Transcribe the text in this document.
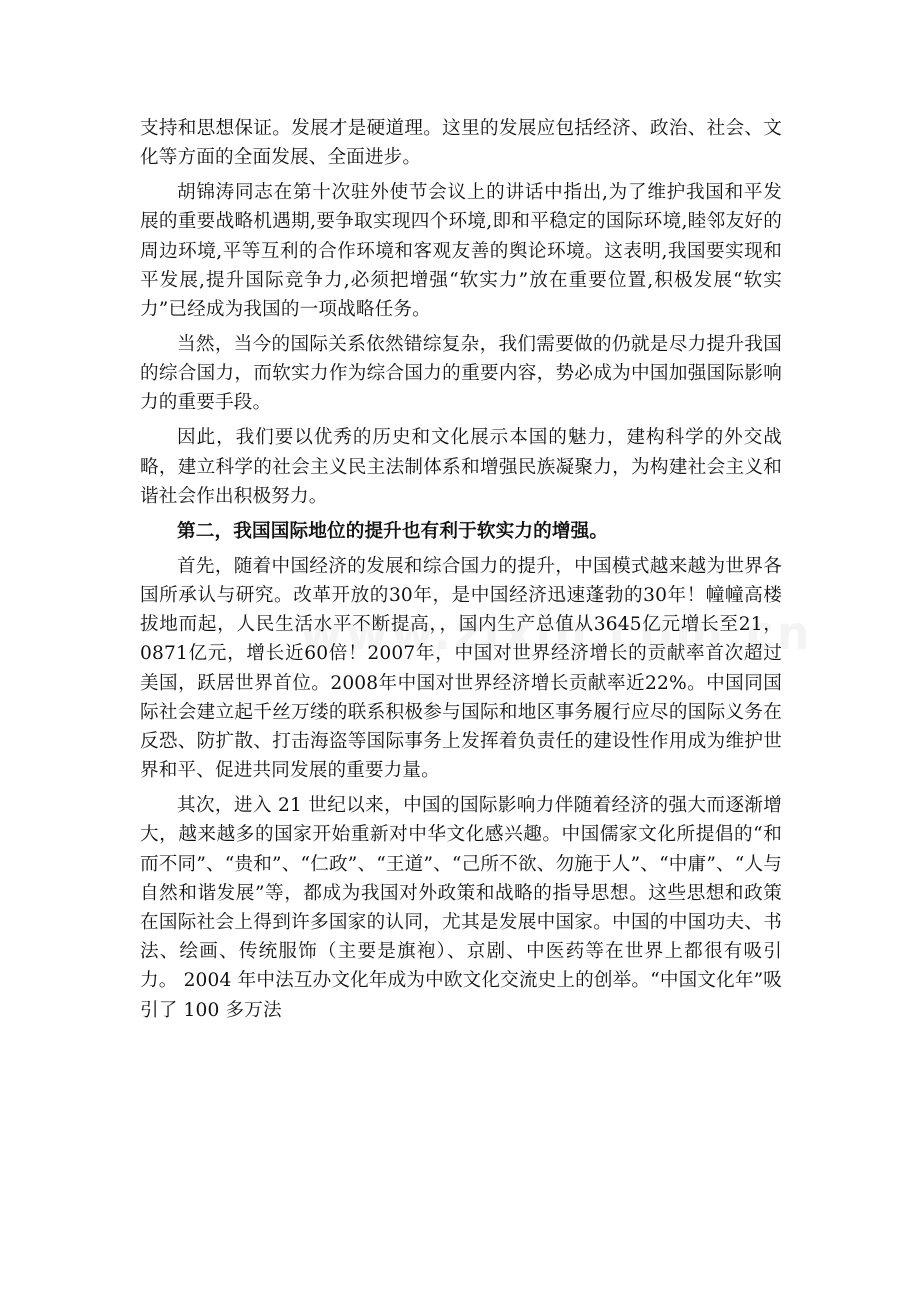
支持和思想保证。发展才是硬道理。这里的发展应包括经济、政治、社会、文化等方面的全面发展、全面进步。

胡锦涛同志在第十次驻外使节会议上的讲话中指出,为了维护我国和平发展的重要战略机遇期,要争取实现四个环境,即和平稳定的国际环境,睦邻友好的周边环境,平等互利的合作环境和客观友善的舆论环境。这表明,我国要实现和平发展,提升国际竞争力,必须把增强“软实力”放在重要位置,积极发展“软实力”已经成为我国的一项战略任务。

当然，当今的国际关系依然错综复杂，我们需要做的仍就是尽力提升我国的综合国力，而软实力作为综合国力的重要内容，势必成为中国加强国际影响力的重要手段。

因此，我们要以优秀的历史和文化展示本国的魅力，建构科学的外交战略，建立科学的社会主义民主法制体系和增强民族凝聚力，为构建社会主义和谐社会作出积极努力。

第二，我国国际地位的提升也有利于软实力的增强。

首先，随着中国经济的发展和综合国力的提升，中国模式越来越为世界各国所承认与研究。改革开放的30年，是中国经济迅速蓬勃的30年！幢幢高楼拔地而起，人民生活水平不断提高，，国内生产总值从3645亿元增长至21，0871亿元，增长近60倍！2007年，中国对世界经济增长的贡献率首次超过美国，跃居世界首位。2008年中国对世界经济增长贡献率近22%。中国同国际社会建立起千丝万缕的联系积极参与国际和地区事务履行应尽的国际义务在反恐、防扩散、打击海盗等国际事务上发挥着负责任的建设性作用成为维护世界和平、促进共同发展的重要力量。

其次，进入 21 世纪以来，中国的国际影响力伴随着经济的强大而逐渐增大，越来越多的国家开始重新对中华文化感兴趣。中国儒家文化所提倡的“和而不同”、“贵和”、“仁政”、“王道”、“己所不欲、勿施于人”、“中庸”、“人与自然和谐发展”等，都成为我国对外政策和战略的指导思想。这些思想和政策在国际社会上得到许多国家的认同，尤其是发展中国家。中国的中国功夫、书法、绘画、传统服饰（主要是旗袍）、京剧、中医药等在世界上都很有吸引力。 2004 年中法互办文化年成为中欧文化交流史上的创举。“中国文化年”吸引了 100 多万法
